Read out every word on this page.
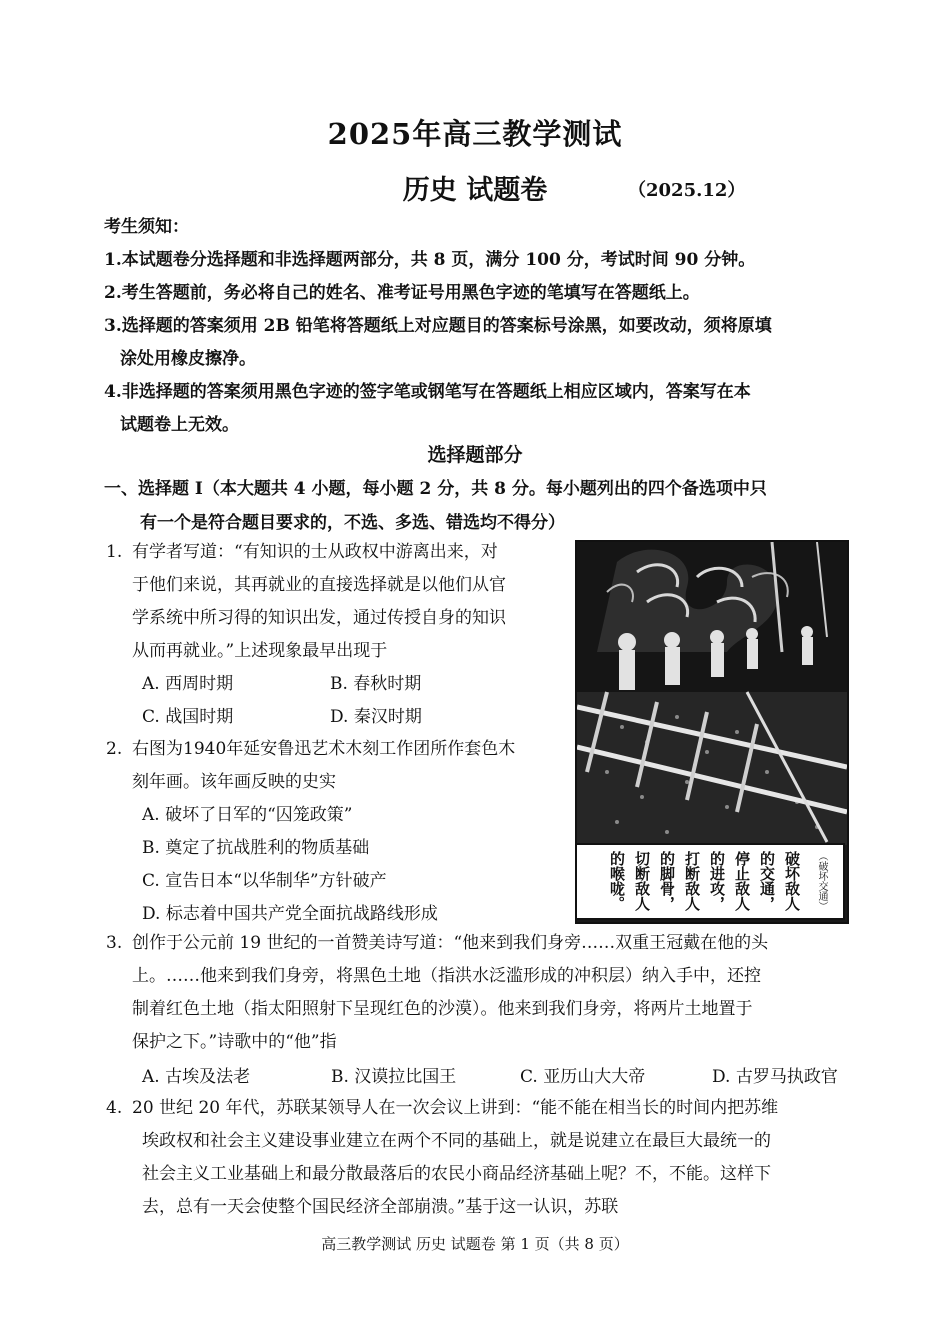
2025年高三教学测试
历史 试题卷	（2025.12）
考生须知：
1.本试题卷分选择题和非选择题两部分，共 8 页，满分 100 分，考试时间 90 分钟。
2.考生答题前，务必将自己的姓名、准考证号用黑色字迹的笔填写在答题纸上。
3.选择题的答案须用 2B 铅笔将答题纸上对应题目的答案标号涂黑，如要改动，须将原填
涂处用橡皮擦净。
4.非选择题的答案须用黑色字迹的签字笔或钢笔写在答题纸上相应区域内，答案写在本
试题卷上无效。
选择题部分
一、选择题 I（本大题共 4 小题，每小题 2 分，共 8 分。每小题列出的四个备选项中只
有一个是符合题目要求的，不选、多选、错选均不得分）
1. 有学者写道：“有知识的士从政权中游离出来，对
于他们来说，其再就业的直接选择就是以他们从官
学系统中所习得的知识出发，通过传授自身的知识
从而再就业。”上述现象最早出现于
A. 西周时期	B. 春秋时期
C. 战国时期	D. 秦汉时期
2. 右图为1940年延安鲁迅艺术木刻工作团所作套色木
刻年画。该年画反映的史实
A. 破坏了日军的“囚笼政策”
B. 奠定了抗战胜利的物质基础
C. 宣告日本“以华制华”方针破产
D. 标志着中国共产党全面抗战路线形成
（破坏交通）
破坏敌人
的交通，
停止敌人
的进攻，
打断敌人
的脚骨，
切断敌人
的喉咙。
3. 创作于公元前 19 世纪的一首赞美诗写道：“他来到我们身旁……双重王冠戴在他的头
上。……他来到我们身旁，将黑色土地（指洪水泛滥形成的冲积层）纳入手中，还控
制着红色土地（指太阳照射下呈现红色的沙漠）。他来到我们身旁，将两片土地置于
保护之下。”诗歌中的“他”指
A. 古埃及法老	B. 汉谟拉比国王	C. 亚历山大大帝	D. 古罗马执政官
4. 20 世纪 20 年代，苏联某领导人在一次会议上讲到：“能不能在相当长的时间内把苏维
埃政权和社会主义建设事业建立在两个不同的基础上，就是说建立在最巨大最统一的
社会主义工业基础上和最分散最落后的农民小商品经济基础上呢？不，不能。这样下
去，总有一天会使整个国民经济全部崩溃。”基于这一认识，苏联
高三教学测试 历史 试题卷 第 1 页（共 8 页）
